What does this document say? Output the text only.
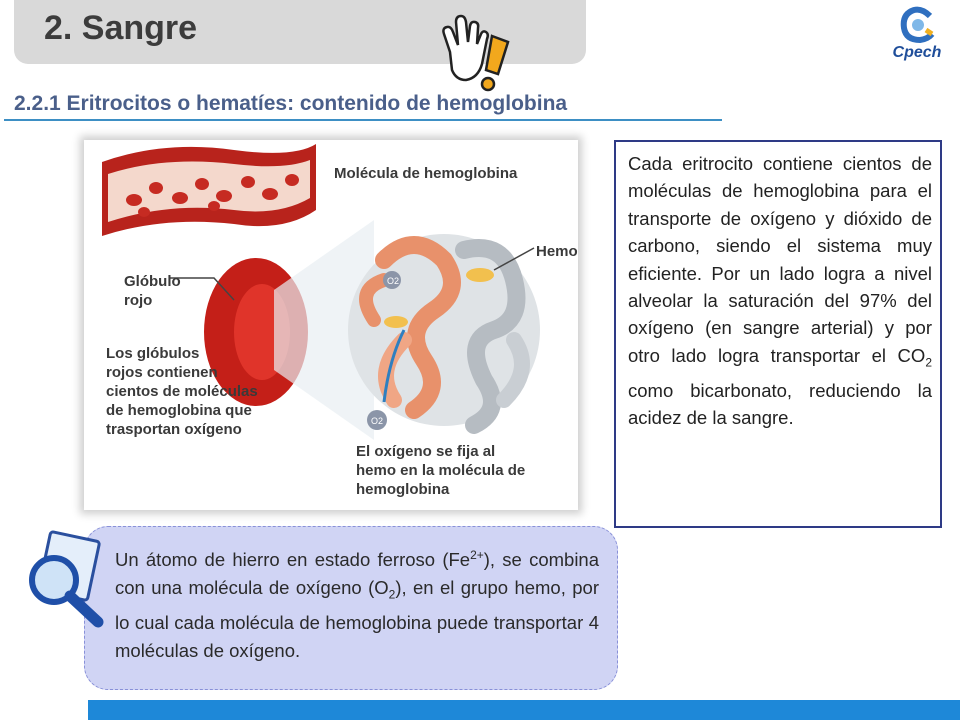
2. Sangre
Cpech
2.2.1 Eritrocitos o hematíes: contenido de hemoglobina
O2
O2
Molécula de hemoglobina
Hemo
Glóbulo
rojo
Los glóbulos
rojos contienen
cientos de moléculas
de hemoglobina que
trasportan oxígeno
El oxígeno se fija al
hemo en la molécula de
hemoglobina
Cada eritrocito contiene cientos de moléculas de hemoglobina para el transporte de oxígeno y dióxido de carbono, siendo el sistema muy eficiente. Por un lado logra a nivel alveolar la saturación del 97% del oxígeno (en sangre arterial) y por otro lado logra transportar el $CO_2$ como bicarbonato, reduciendo la acidez de la sangre.
Un átomo de hierro en estado ferroso $(Fe^{2+})$, se combina con una molécula de oxígeno $(O_2)$, en el grupo hemo, por lo cual cada molécula de hemoglobina puede transportar 4 moléculas de oxígeno.
